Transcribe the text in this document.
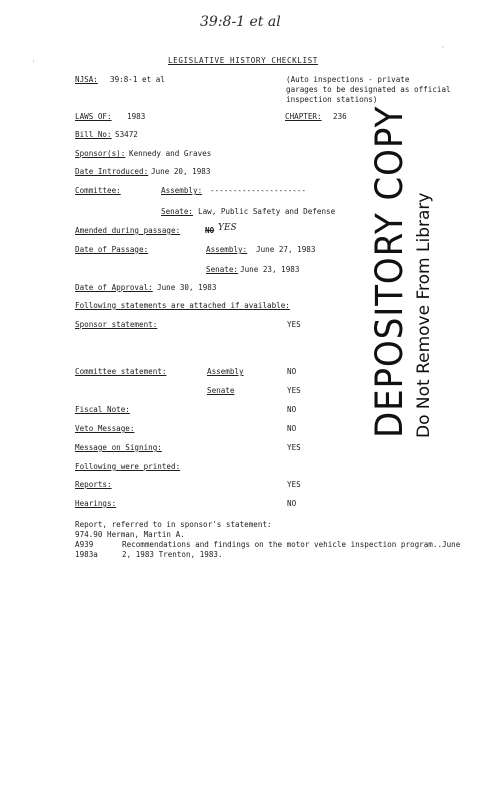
39:8-1 et al
LEGISLATIVE HISTORY CHECKLIST
NJSA: 39:8-1 et al	(Auto inspections - private
garages to be designated as official
inspection stations)
LAWS OF: 1983	CHAPTER: 236
Bill No: S3472
Sponsor(s): Kennedy and Graves
Date Introduced: June 20, 1983
Committee:	Assembly: ---------------------
Senate: Law, Public Safety and Defense
Amended during passage:	NO YES
Date of Passage:	Assembly: June 27, 1983
Senate: June 23, 1983
Date of Approval: June 30, 1983
Following statements are attached if available:
Sponsor statement:	YES
Committee statement:	Assembly	NO
Senate	YES
Fiscal Note:	NO
Veto Message:	NO
Message on Signing:	YES
Following were printed:
Reports:	YES
Hearings:	NO
Report, referred to in sponsor's statement:
974.90 Herman, Martin A.
A939	Recommendations and findings on the motor vehicle inspection program..June
1983a	2, 1983 Trenton, 1983.
DEPOSITORY COPY Do Not Remove From Library
'
·
